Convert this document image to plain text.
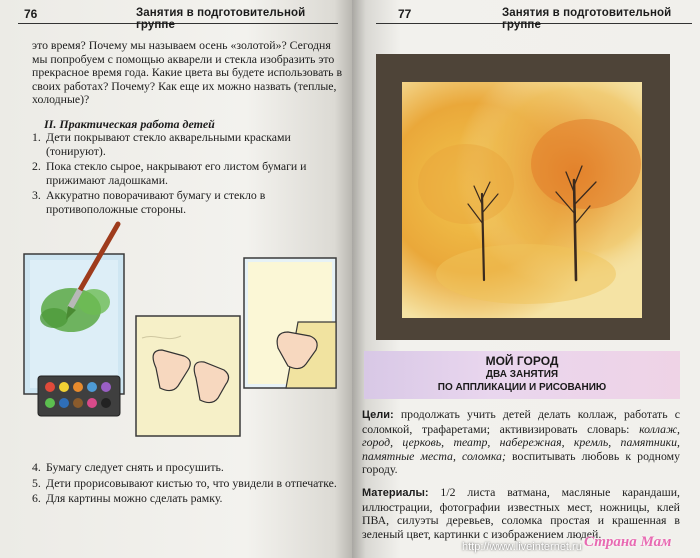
76	Занятия в подготовительной группе

это время? Почему мы называем осень «золотой»? Сегодня мы попробуем с помощью акварели и стекла изобразить это прекрасное время года. Какие цвета вы будете использовать в своих работах? Почему? Как еще их можно назвать (теплые, холодные)?

II. Практическая работа детей
1. Дети покрывают стекло акварельными красками (тонируют).
2. Пока стекло сырое, накрывают его листом бумаги и прижимают ладошками.
3. Аккуратно поворачивают бумагу и стекло в противоположные стороны.
4. Бумагу следует снять и просушить.
5. Дети прорисовывают кистью то, что увидели в отпечатке.
6. Для картины можно сделать рамку.
77	Занятия в подготовительной группе
МОЙ ГОРОД
ДВА ЗАНЯТИЯ
ПО АППЛИКАЦИИ И РИСОВАНИЮ

Цели: продолжать учить детей делать коллаж, работать с соломкой, трафаретами; активизировать словарь: коллаж, город, церковь, театр, набережная, кремль, памятники, памятные места, соломка; воспитывать любовь к родному городу.

Материалы: 1/2 листа ватмана, масляные карандаши, иллюстрации, фотографии известных мест, ножницы, клей ПВА, силуэты деревьев, соломка простая и крашенная в зеленый цвет, картинки с изображением людей.

http://www.liveinternet.ru Страна Мам
